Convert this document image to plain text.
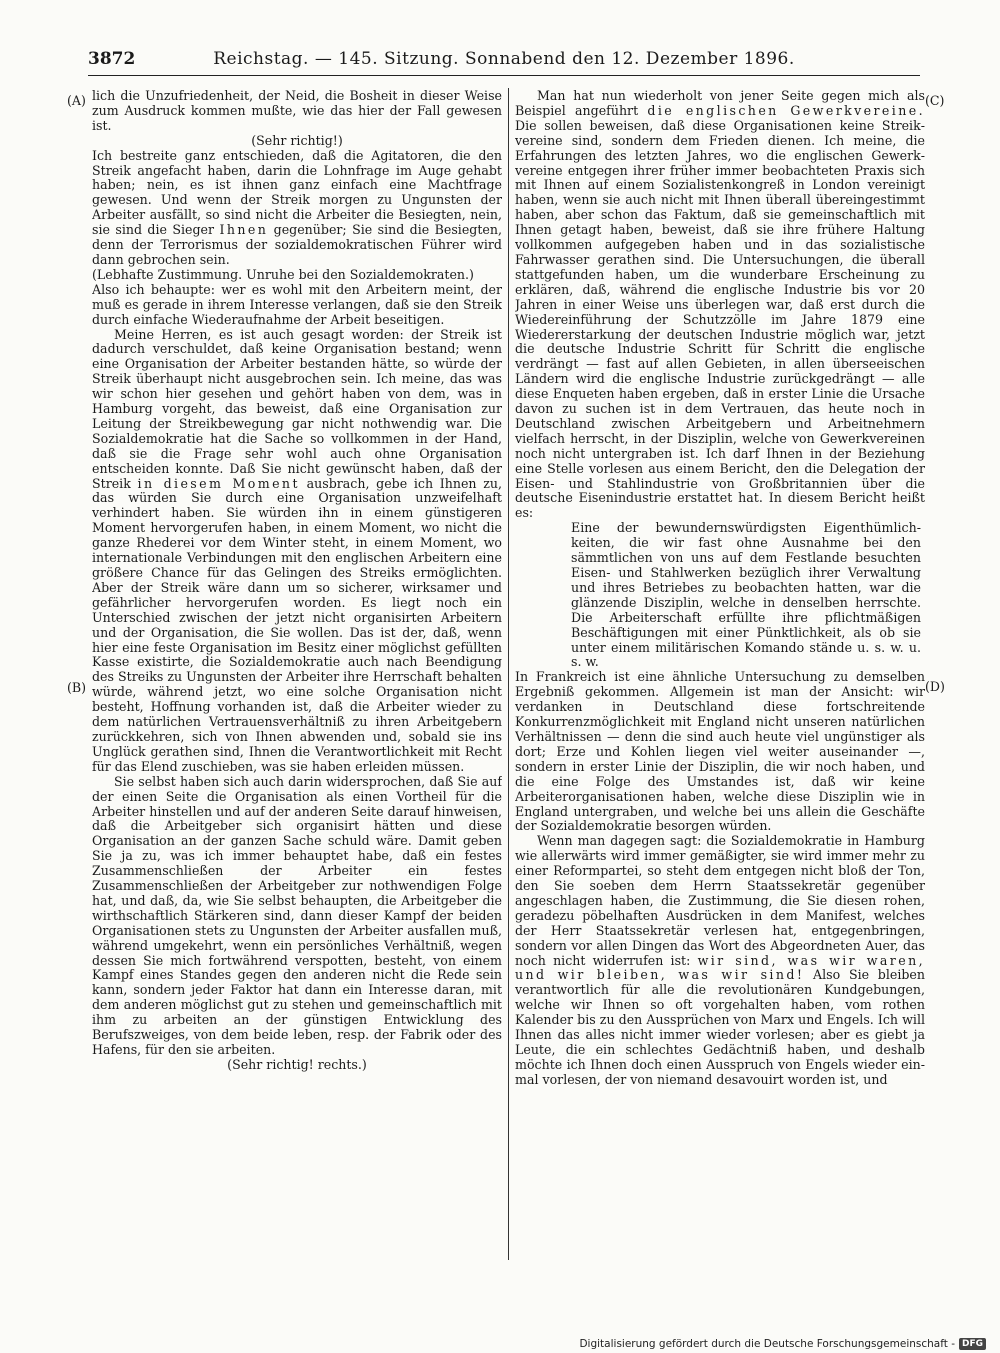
3872	Reichstag. — 145. Sitzung. Sonnabend den 12. Dezember 1896.
(A)
(B)
(C)
(D)

lich die Unzufriedenheit, der Neid, die Bosheit in dieser Weise zum Ausdruck kommen mußte, wie das hier der Fall gewesen ist.

(Sehr richtig!)

Ich bestreite ganz entschieden, daß die Agitatoren, die den Streik angefacht haben, darin die Lohnfrage im Auge gehabt haben; nein, es ist ihnen ganz einfach eine Machtfrage gewesen. Und wenn der Streik morgen zu Ungunsten der Arbeiter ausfällt, so sind nicht die Arbeiter die Besiegten, nein, sie sind die Sieger Ihnen gegenüber; Sie sind die Besiegten, denn der Terrorismus der sozialdemokratischen Führer wird dann gebrochen sein.

(Lebhafte Zustimmung. Unruhe bei den Sozialdemokraten.)

Also ich behaupte: wer es wohl mit den Arbeitern meint, der muß es gerade in ihrem Interesse verlangen, daß sie den Streik durch einfache Wiederaufnahme der Arbeit beseitigen.

Meine Herren, es ist auch gesagt worden: der Streik ist dadurch verschuldet, daß keine Organisation bestand; wenn eine Organisation der Arbeiter bestanden hätte, so würde der Streik überhaupt nicht ausgebrochen sein. Ich meine, das was wir schon hier gesehen und gehört haben von dem, was in Hamburg vorgeht, das beweist, daß eine Organisation zur Leitung der Streikbewegung gar nicht nothwendig war. Die Sozialdemokratie hat die Sache so vollkommen in der Hand, daß sie die Frage sehr wohl auch ohne Organisation entscheiden konnte. Daß Sie nicht gewünscht haben, daß der Streik in diesem Moment ausbrach, gebe ich Ihnen zu, das würden Sie durch eine Organisation unzweifelhaft verhindert haben. Sie würden ihn in einem günstigeren Moment hervorgerufen haben, in einem Moment, wo nicht die ganze Rhederei vor dem Winter steht, in einem Moment, wo internationale Verbindungen mit den englischen Arbeitern eine größere Chance für das Gelingen des Streiks ermöglichten. Aber der Streik wäre dann um so sicherer, wirksamer und gefährlicher hervorgerufen worden. Es liegt noch ein Unterschied zwischen der jetzt nicht organisirten Arbeitern und der Organisation, die Sie wollen. Das ist der, daß, wenn hier eine feste Organisation im Besitz einer möglichst gefüllten Kasse existirte, die Sozialdemokratie auch nach Beendigung des Streiks zu Ungunsten der Arbeiter ihre Herrschaft behalten würde, während jetzt, wo eine solche Organisation nicht besteht, Hoffnung vorhanden ist, daß die Arbeiter wieder zu dem natürlichen Vertrauensverhältniß zu ihren Arbeitgebern zurückkehren, sich von Ihnen abwenden und, sobald sie ins Unglück gerathen sind, Ihnen die Verantwortlichkeit mit Recht für das Elend zuschieben, was sie haben erleiden müssen.

Sie selbst haben sich auch darin widersprochen, daß Sie auf der einen Seite die Organisation als einen Vortheil für die Arbeiter hinstellen und auf der anderen Seite darauf hinweisen, daß die Arbeitgeber sich organisirt hätten und diese Organisation an der ganzen Sache schuld wäre. Damit geben Sie ja zu, was ich immer behauptet habe, daß ein festes Zusammenschließen der Arbeiter ein festes Zusammenschließen der Arbeitgeber zur nothwendigen Folge hat, und daß, da, wie Sie selbst behaupten, die Arbeitgeber die wirthschaftlich Stärkeren sind, dann dieser Kampf der beiden Organisationen stets zu Ungunsten der Arbeiter ausfallen muß, während umgekehrt, wenn ein persönliches Verhältniß, wegen dessen Sie mich fortwährend verspotten, besteht, von einem Kampf eines Standes gegen den anderen nicht die Rede sein kann, sondern jeder Faktor hat dann ein Interesse daran, mit dem anderen möglichst gut zu stehen und gemeinschaftlich mit ihm zu arbeiten an der günstigen Entwicklung des Berufszweiges, von dem beide leben, resp. der Fabrik oder des Hafens, für den sie arbeiten.

(Sehr richtig! rechts.)

Man hat nun wiederholt von jener Seite gegen mich als Beispiel angeführt die englischen Gewerkvereine. Die sollen beweisen, daß diese Organisationen keine Streikvereine sind, sondern dem Frieden dienen. Ich meine, die Erfahrungen des letzten Jahres, wo die englischen Gewerkvereine entgegen ihrer früher immer beobachteten Praxis sich mit Ihnen auf einem Sozialistenkongreß in London vereinigt haben, wenn sie auch nicht mit Ihnen überall übereingestimmt haben, aber schon das Faktum, daß sie gemeinschaftlich mit Ihnen getagt haben, beweist, daß sie ihre frühere Haltung vollkommen aufgegeben haben und in das sozialistische Fahrwasser gerathen sind. Die Untersuchungen, die überall stattgefunden haben, um die wunderbare Erscheinung zu erklären, daß, während die englische Industrie bis vor 20 Jahren in einer Weise uns überlegen war, daß erst durch die Wiedereinführung der Schutzzölle im Jahre 1879 eine Wiedererstarkung der deutschen Industrie möglich war, jetzt die deutsche Industrie Schritt für Schritt die englische verdrängt — fast auf allen Gebieten, in allen überseeischen Ländern wird die englische Industrie zurückgedrängt — alle diese Enqueten haben ergeben, daß in erster Linie die Ursache davon zu suchen ist in dem Vertrauen, das heute noch in Deutschland zwischen Arbeitgebern und Arbeitnehmern vielfach herrscht, in der Disziplin, welche von Gewerkvereinen noch nicht untergraben ist. Ich darf Ihnen in der Beziehung eine Stelle vorlesen aus einem Bericht, den die Delegation der Eisen- und Stahlindustrie von Großbritannien über die deutsche Eisenindustrie erstattet hat. In diesem Bericht heißt es:

Eine der bewundernswürdigsten Eigenthümlichkeiten, die wir fast ohne Ausnahme bei den sämmtlichen von uns auf dem Festlande besuchten Eisen- und Stahlwerken bezüglich ihrer Verwaltung und ihres Betriebes zu beobachten hatten, war die glänzende Disziplin, welche in denselben herrschte. Die Arbeiterschaft erfüllte ihre pflichtmäßigen Beschäftigungen mit einer Pünktlichkeit, als ob sie unter einem militärischen Komando stände u. s. w. u. s. w.

In Frankreich ist eine ähnliche Untersuchung zu demselben Ergebniß gekommen. Allgemein ist man der Ansicht: wir verdanken in Deutschland diese fortschreitende Konkurrenzmöglichkeit mit England nicht unseren natürlichen Verhältnissen — denn die sind auch heute viel ungünstiger als dort; Erze und Kohlen liegen viel weiter auseinander —, sondern in erster Linie der Disziplin, die wir noch haben, und die eine Folge des Umstandes ist, daß wir keine Arbeiterorganisationen haben, welche diese Disziplin wie in England untergraben, und welche bei uns allein die Geschäfte der Sozialdemokratie besorgen würden.

Wenn man dagegen sagt: die Sozialdemokratie in Hamburg wie allerwärts wird immer gemäßigter, sie wird immer mehr zu einer Reformpartei, so steht dem entgegen nicht bloß der Ton, den Sie soeben dem Herrn Staatssekretär gegenüber angeschlagen haben, die Zustimmung, die Sie diesen rohen, geradezu pöbelhaften Ausdrücken in dem Manifest, welches der Herr Staatssekretär verlesen hat, entgegenbringen, sondern vor allen Dingen das Wort des Abgeordneten Auer, das noch nicht widerrufen ist: wir sind, was wir waren, und wir bleiben, was wir sind! Also Sie bleiben verantwortlich für alle die revolutionären Kundgebungen, welche wir Ihnen so oft vorgehalten haben, vom rothen Kalender bis zu den Aussprüchen von Marx und Engels. Ich will Ihnen das alles nicht immer wieder vorlesen; aber es giebt ja Leute, die ein schlechtes Gedächtniß haben, und deshalb möchte ich Ihnen doch einen Ausspruch von Engels wieder einmal vorlesen, der von niemand desavouirt worden ist, und

Digitalisierung gefördert durch die Deutsche Forschungsgemeinschaft - DFG
